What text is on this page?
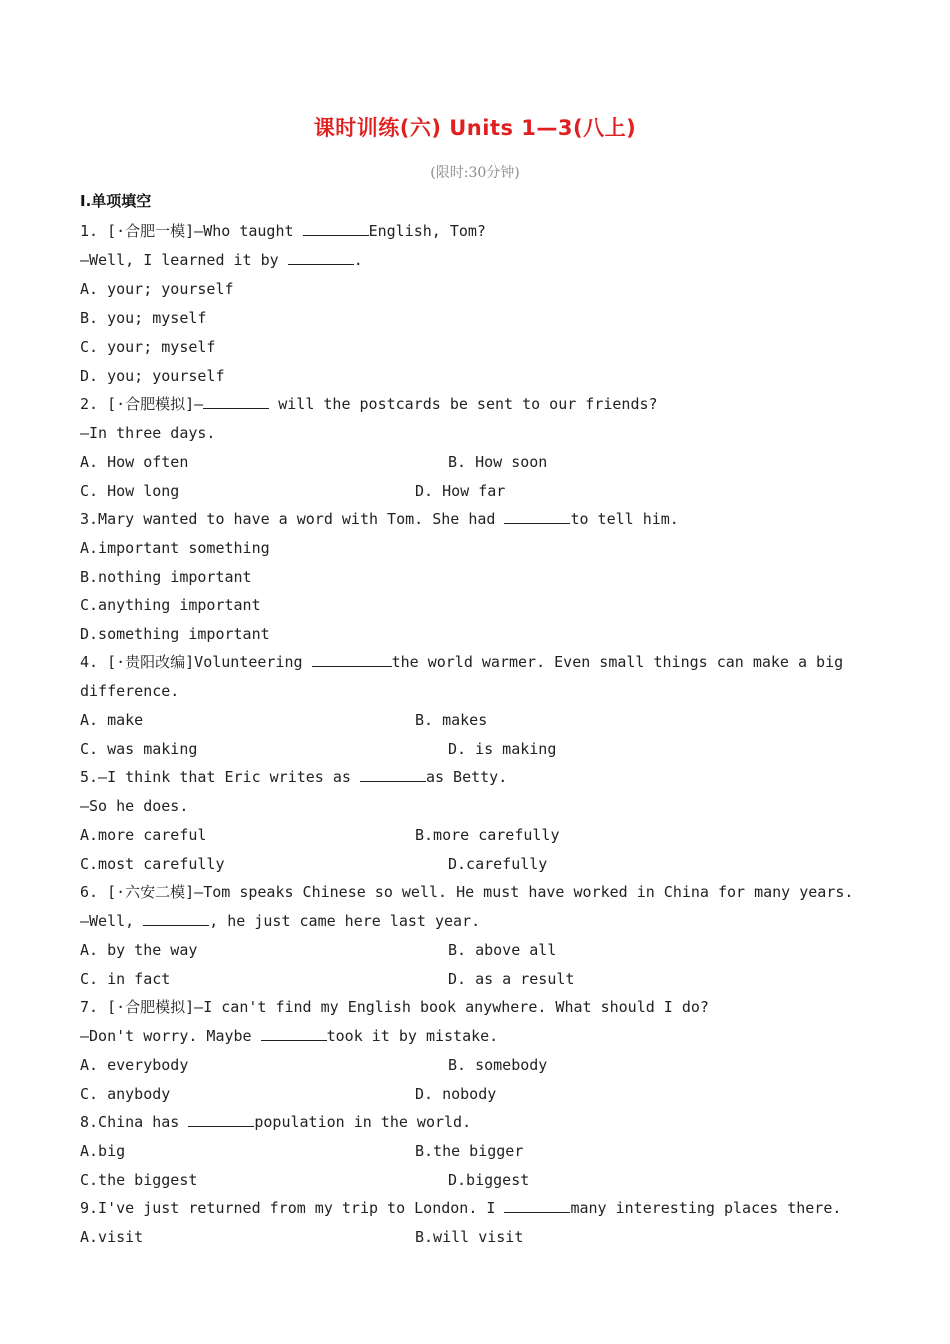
课时训练(六) Units 1—3(八上)
(限时:30分钟)
Ⅰ.单项填空
1. [·合肥一模]—Who taught	English, Tom?
—Well, I learned it by	.
A. your; yourself
B. you; myself
C. your; myself
D. you; yourself
2. [·合肥模拟]—	will the postcards be sent to our friends?
—In three days.
A. How often	B. How soon
C. How long	D. How far
3.Mary wanted to have a word with Tom. She had	to tell him.
A.important something
B.nothing important
C.anything important
D.something important
4. [·贵阳改编]Volunteering	the world warmer. Even small things can make a big
difference.
A. make	B. makes
C. was making	D. is making
5.—I think that Eric writes as	as Betty.
—So he does.
A.more careful	B.more carefully
C.most carefully	D.carefully
6. [·六安二模]—Tom speaks Chinese so well. He must have worked in China for many years.
—Well,	, he just came here last year.
A. by the way	B. above all
C. in fact	D. as a result
7. [·合肥模拟]—I can't find my English book anywhere. What should I do?
—Don't worry. Maybe	took it by mistake.
A. everybody	B. somebody
C. anybody	D. nobody
8.China has	population in the world.
A.big	B.the bigger
C.the biggest	D.biggest
9.I've just returned from my trip to London. I	many interesting places there.
A.visit	B.will visit
